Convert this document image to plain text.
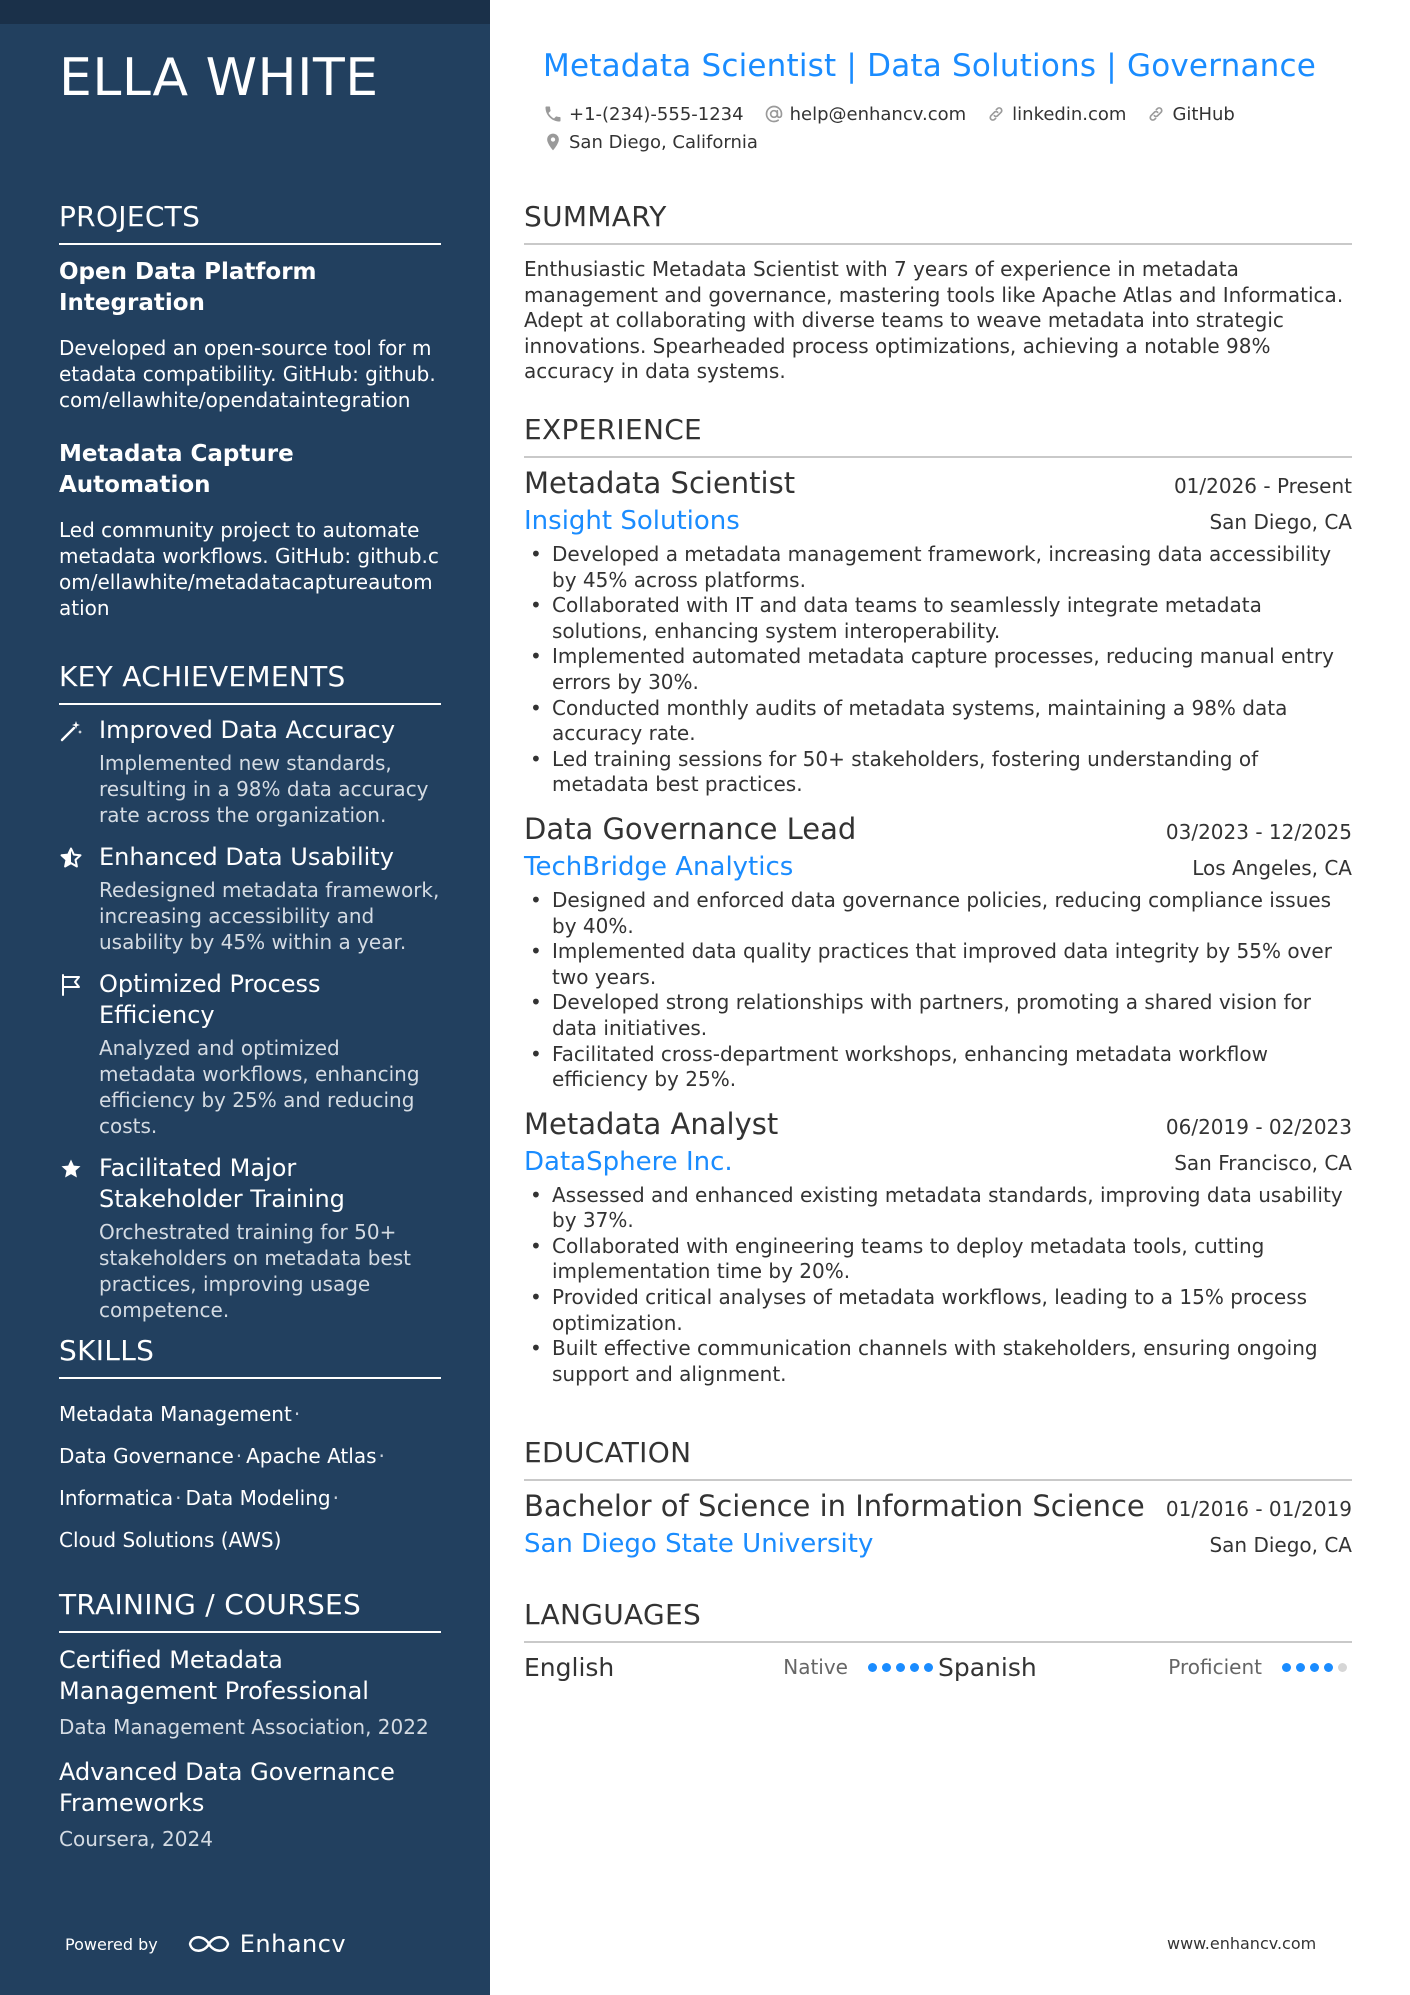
ELLA WHITE
PROJECTS
Open Data Platform Integration
Developed an open-source tool for metadata compatibility. GitHub: github.com/ellawhite/opendataintegration
Metadata Capture Automation
Led community project to automate metadata workflows. GitHub: github.com/ellawhite/metadatacaptureautomation
KEY ACHIEVEMENTS
Improved Data Accuracy
Implemented new standards, resulting in a 98% data accuracy rate across the organization.
Enhanced Data Usability
Redesigned metadata framework, increasing accessibility and usability by 45% within a year.
Optimized Process Efficiency
Analyzed and optimized metadata workflows, enhancing efficiency by 25% and reducing costs.
Facilitated Major Stakeholder Training
Orchestrated training for 50+ stakeholders on metadata best practices, improving usage competence.
SKILLS
Metadata Management ·
Data Governance · Apache Atlas ·
Informatica · Data Modeling ·
Cloud Solutions (AWS)
TRAINING / COURSES
Certified Metadata Management Professional
Data Management Association, 2022
Advanced Data Governance Frameworks
Coursera, 2024
Powered by	Enhancv
Metadata Scientist | Data Solutions | Governance
+1-(234)-555-1234	help@enhancv.com	linkedin.com	GitHub
San Diego, California
SUMMARY
Enthusiastic Metadata Scientist with 7 years of experience in metadata management and governance, mastering tools like Apache Atlas and Informatica. Adept at collaborating with diverse teams to weave metadata into strategic innovations. Spearheaded process optimizations, achieving a notable 98% accuracy in data systems.
EXPERIENCE
Metadata Scientist	01/2026 - Present
Insight Solutions	San Diego, CA
• Developed a metadata management framework, increasing data accessibility by 45% across platforms.
• Collaborated with IT and data teams to seamlessly integrate metadata solutions, enhancing system interoperability.
• Implemented automated metadata capture processes, reducing manual entry errors by 30%.
• Conducted monthly audits of metadata systems, maintaining a 98% data accuracy rate.
• Led training sessions for 50+ stakeholders, fostering understanding of metadata best practices.
Data Governance Lead	03/2023 - 12/2025
TechBridge Analytics	Los Angeles, CA
• Designed and enforced data governance policies, reducing compliance issues by 40%.
• Implemented data quality practices that improved data integrity by 55% over two years.
• Developed strong relationships with partners, promoting a shared vision for data initiatives.
• Facilitated cross-department workshops, enhancing metadata workflow efficiency by 25%.
Metadata Analyst	06/2019 - 02/2023
DataSphere Inc.	San Francisco, CA
• Assessed and enhanced existing metadata standards, improving data usability by 37%.
• Collaborated with engineering teams to deploy metadata tools, cutting implementation time by 20%.
• Provided critical analyses of metadata workflows, leading to a 15% process optimization.
• Built effective communication channels with stakeholders, ensuring ongoing support and alignment.
EDUCATION
Bachelor of Science in Information Science 01/2016 - 01/2019
San Diego State University	San Diego, CA
LANGUAGES
English	Native	Spanish	Proficient
www.enhancv.com
